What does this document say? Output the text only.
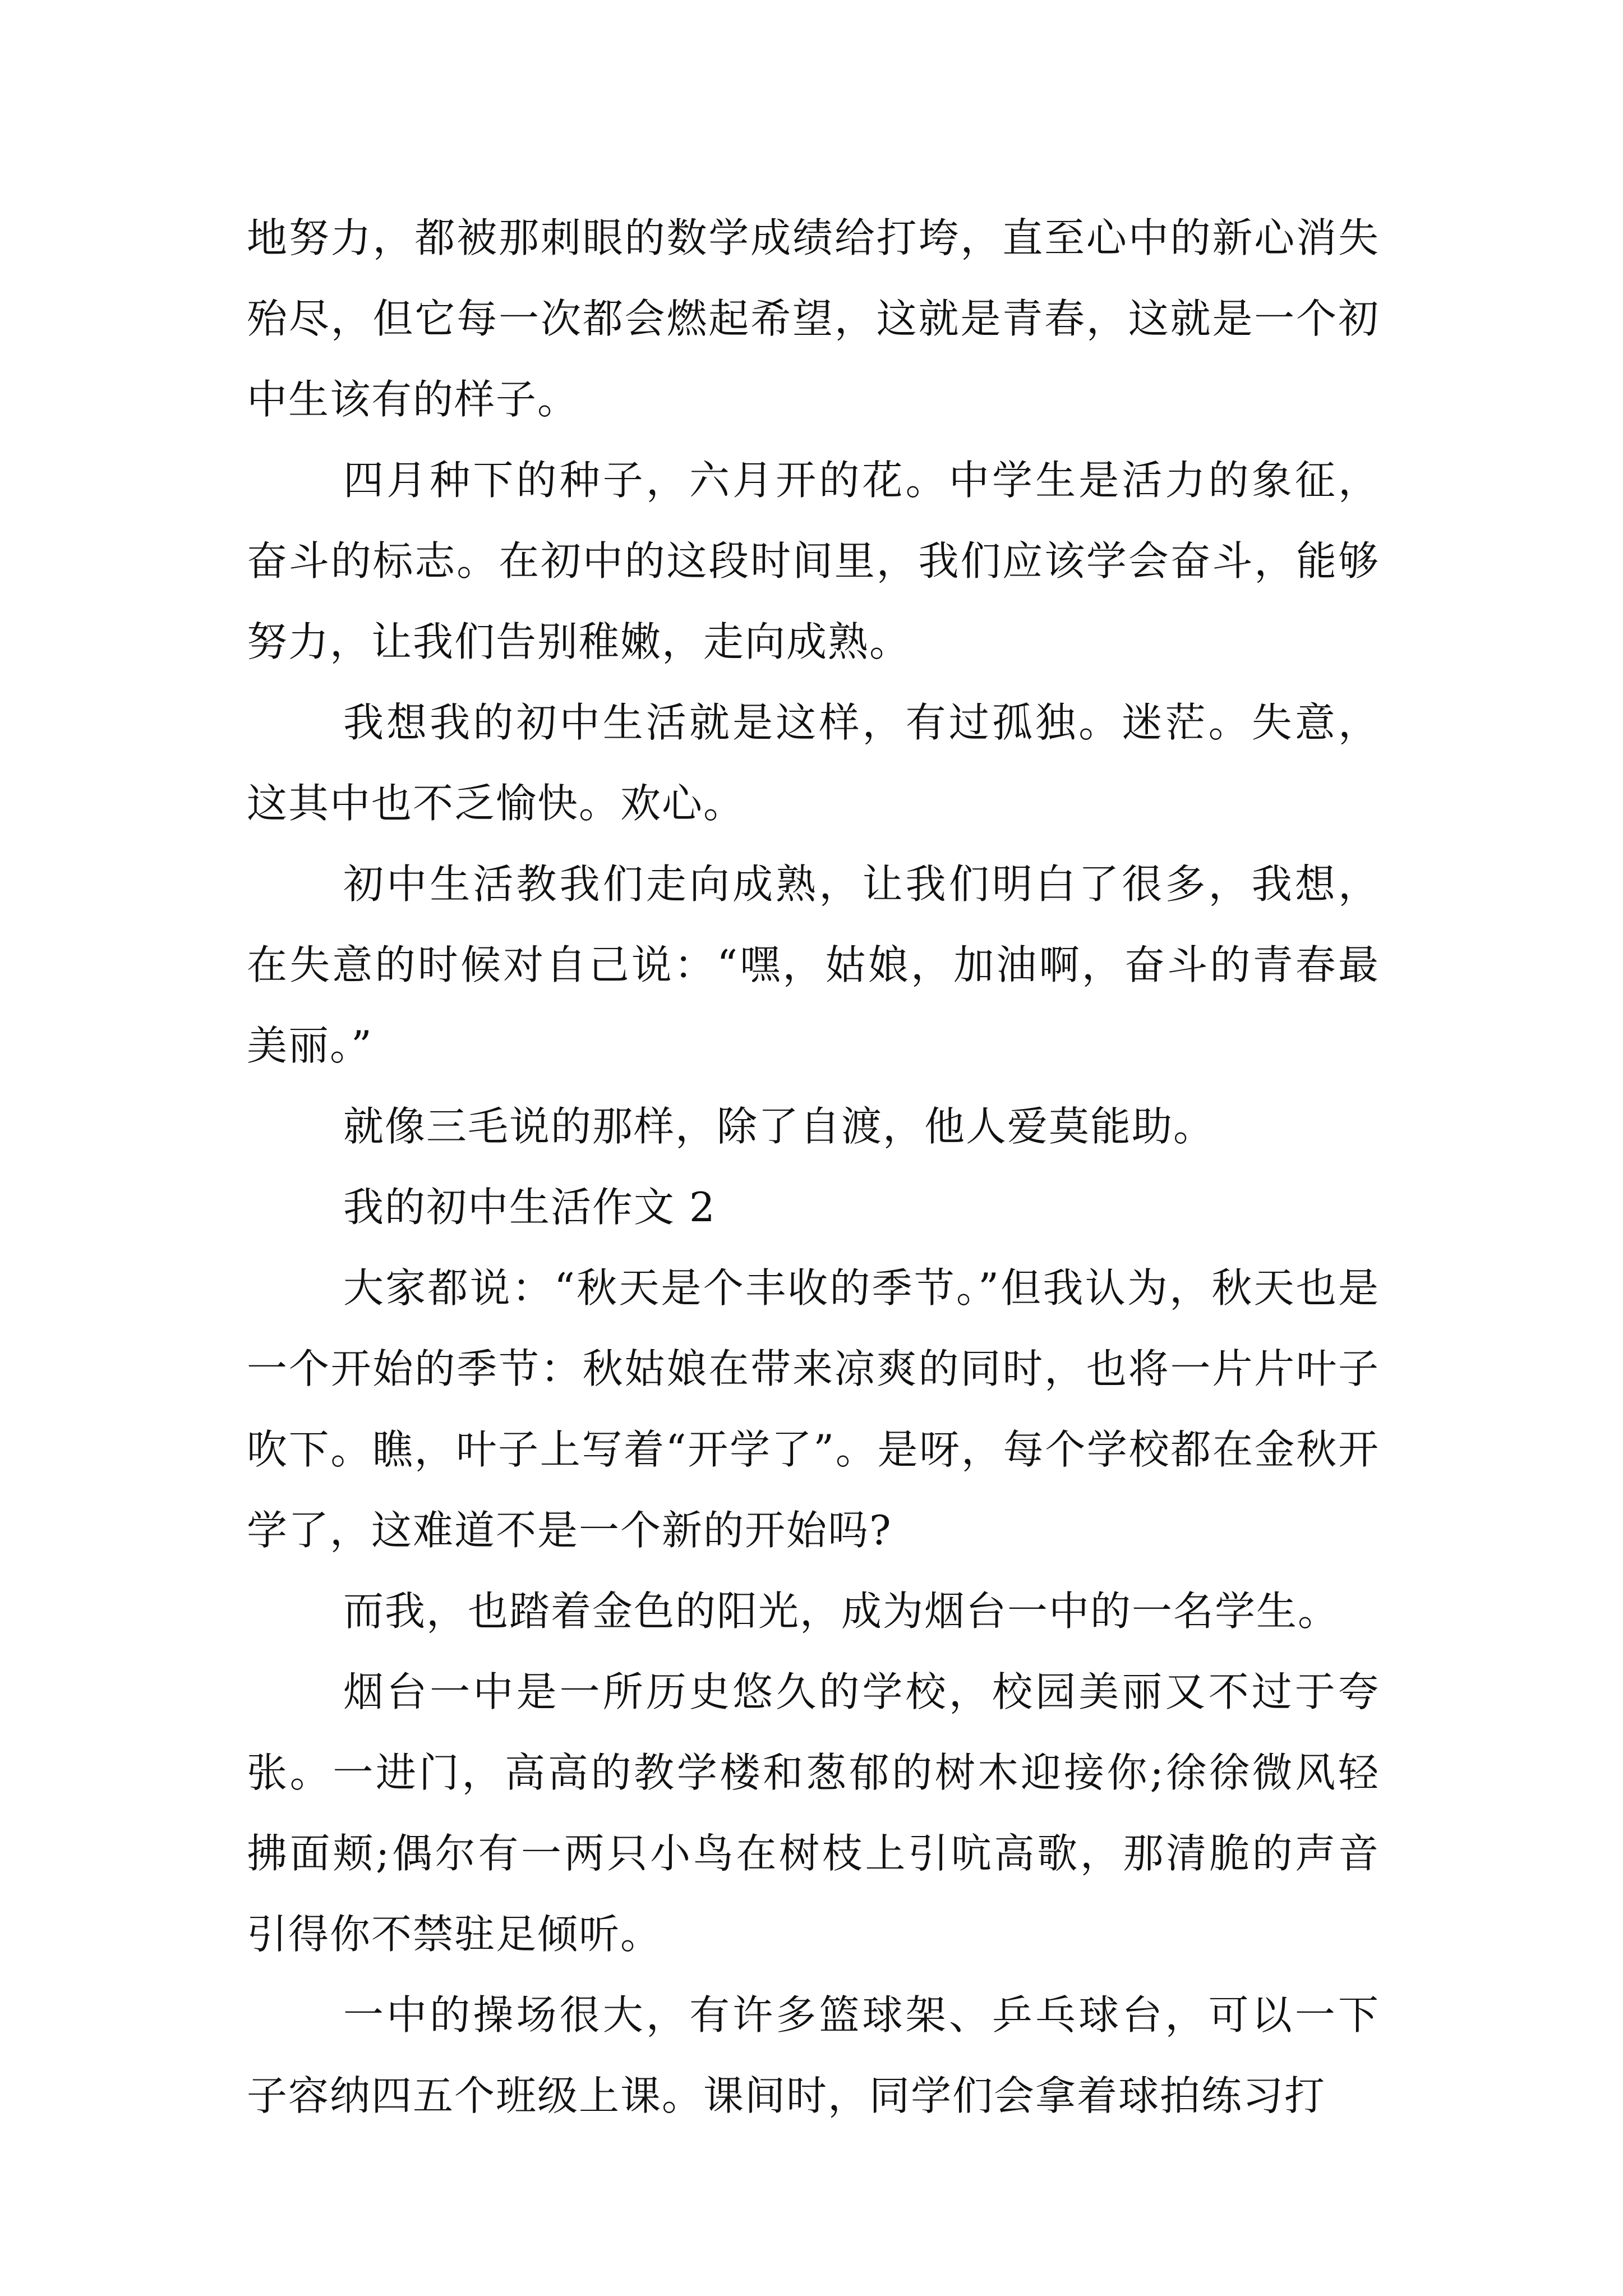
地努力，都被那刺眼的数学成绩给打垮，直至心中的新心消失殆尽，但它每一次都会燃起希望，这就是青春，这就是一个初中生该有的样子。

四月种下的种子，六月开的花。中学生是活力的象征，奋斗的标志。在初中的这段时间里，我们应该学会奋斗，能够努力，让我们告别稚嫩，走向成熟。

我想我的初中生活就是这样，有过孤独。迷茫。失意，这其中也不乏愉快。欢心。

初中生活教我们走向成熟，让我们明白了很多，我想，在失意的时候对自己说：“嘿，姑娘，加油啊，奋斗的青春最美丽。”

就像三毛说的那样，除了自渡，他人爱莫能助。

我的初中生活作文 2

大家都说：“秋天是个丰收的季节。”但我认为，秋天也是一个开始的季节：秋姑娘在带来凉爽的同时，也将一片片叶子吹下。瞧，叶子上写着“开学了”。是呀，每个学校都在金秋开学了，这难道不是一个新的开始吗?

而我，也踏着金色的阳光，成为烟台一中的一名学生。

烟台一中是一所历史悠久的学校，校园美丽又不过于夸张。一进门，高高的教学楼和葱郁的树木迎接你;徐徐微风轻拂面颊;偶尔有一两只小鸟在树枝上引吭高歌，那清脆的声音引得你不禁驻足倾听。

一中的操场很大，有许多篮球架、乒乓球台，可以一下子容纳四五个班级上课。课间时，同学们会拿着球拍练习打
